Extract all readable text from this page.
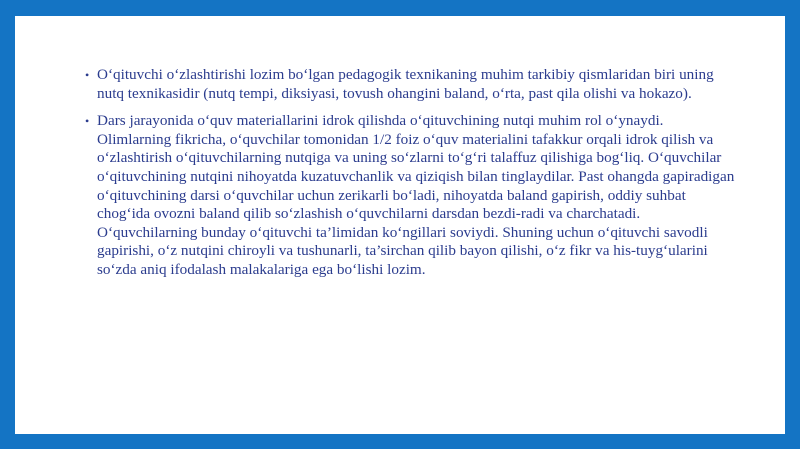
• O‘qituvchi o‘zlashtirishi lozim bo‘lgan pedagogik texnikaning muhim tarkibiy qismlaridan biri uning nutq texnikasidir (nutq tempi, diksiyasi, tovush ohangini baland, o‘rta, past qila olishi va hokazo).

• Dars jarayonida o‘quv materiallarini idrok qilishda o‘qituvchining nutqi muhim rol o‘ynaydi. Olimlarning fikricha, o‘quvchilar tomonidan 1/2 foiz o‘quv materialini tafakkur orqali idrok qilish va o‘zlashtirish o‘qituvchilarning nutqiga va uning so‘zlarni to‘g‘ri talaffuz qilishiga bog‘liq. O‘quvchilar o‘qituvchining nutqini nihoyatda kuzatuvchanlik va qiziqish bilan tinglaydilar. Past ohangda gapiradigan o‘qituvchining darsi o‘quvchilar uchun zerikarli bo‘ladi, nihoyatda baland gapirish, oddiy suhbat chog‘ida ovozni baland qilib so‘zlashish o‘quvchilarni darsdan bezdi-radi va charchatadi. O‘quvchilarning bunday o‘qituvchi ta’limidan ko‘ngillari soviydi. Shuning uchun o‘qituvchi savodli gapirishi, o‘z nutqini chiroyli va tushunarli, ta’sirchan qilib bayon qilishi, o‘z fikr va his-tuyg‘ularini so‘zda aniq ifodalash malakalariga ega bo‘lishi lozim.
